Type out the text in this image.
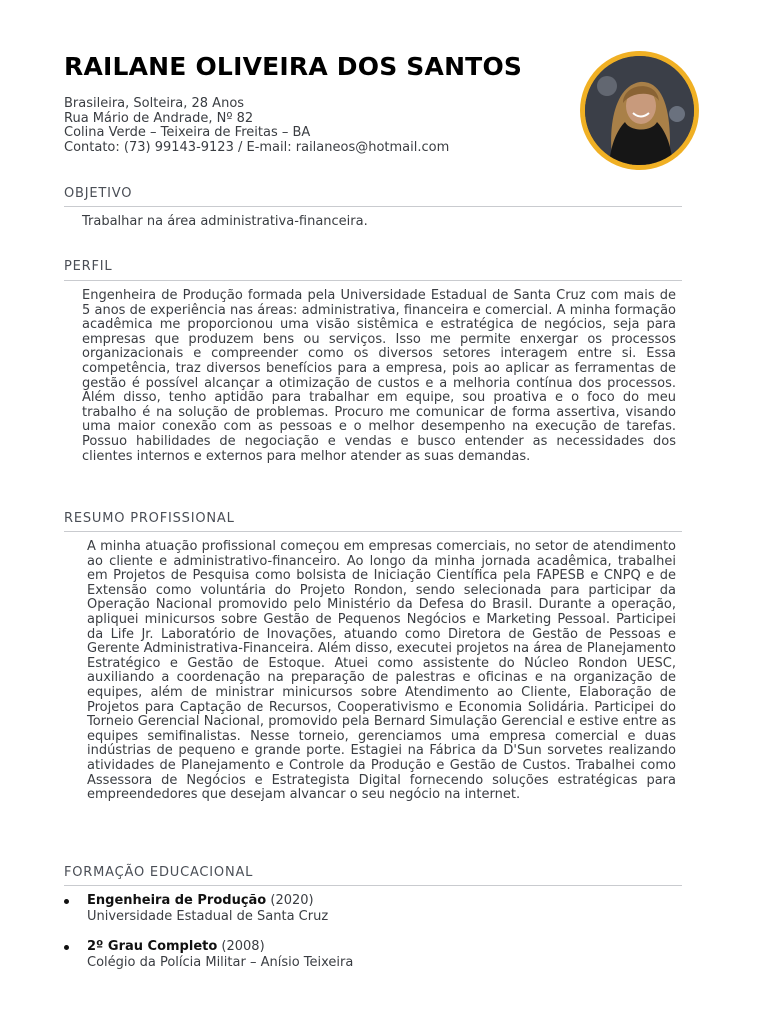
RAILANE OLIVEIRA DOS SANTOS
Brasileira, Solteira, 28 Anos
Rua Mário de Andrade, Nº 82
Colina Verde – Teixeira de Freitas – BA
Contato: (73) 99143-9123 / E-mail: railaneos@hotmail.com
OBJETIVO

Trabalhar na área administrativa-financeira.

PERFIL

Engenheira de Produção formada pela Universidade Estadual de Santa Cruz com mais de 5 anos de experiência nas áreas: administrativa, financeira e comercial. A minha formação acadêmica me proporcionou uma visão sistêmica e estratégica de negócios, seja para empresas que produzem bens ou serviços. Isso me permite enxergar os processos organizacionais e compreender como os diversos setores interagem entre si. Essa competência, traz diversos benefícios para a empresa, pois ao aplicar as ferramentas de gestão é possível alcançar a otimização de custos e a melhoria contínua dos processos. Além disso, tenho aptidão para trabalhar em equipe, sou proativa e o foco do meu trabalho é na solução de problemas. Procuro me comunicar de forma assertiva, visando uma maior conexão com as pessoas e o melhor desempenho na execução de tarefas. Possuo habilidades de negociação e vendas e busco entender as necessidades dos clientes internos e externos para melhor atender as suas demandas.

RESUMO PROFISSIONAL

A minha atuação profissional começou em empresas comerciais, no setor de atendimento ao cliente e administrativo-financeiro. Ao longo da minha jornada acadêmica, trabalhei em Projetos de Pesquisa como bolsista de Iniciação Científica pela FAPESB e CNPQ e de Extensão como voluntária do Projeto Rondon, sendo selecionada para participar da Operação Nacional promovido pelo Ministério da Defesa do Brasil. Durante a operação, apliquei minicursos sobre Gestão de Pequenos Negócios e Marketing Pessoal. Participei da Life Jr. Laboratório de Inovações, atuando como Diretora de Gestão de Pessoas e Gerente Administrativa-Financeira. Além disso, executei projetos na área de Planejamento Estratégico e Gestão de Estoque. Atuei como assistente do Núcleo Rondon UESC, auxiliando a coordenação na preparação de palestras e oficinas e na organização de equipes, além de ministrar minicursos sobre Atendimento ao Cliente, Elaboração de Projetos para Captação de Recursos, Cooperativismo e Economia Solidária. Participei do Torneio Gerencial Nacional, promovido pela Bernard Simulação Gerencial e estive entre as equipes semifinalistas. Nesse torneio, gerenciamos uma empresa comercial e duas indústrias de pequeno e grande porte. Estagiei na Fábrica da D'Sun sorvetes realizando atividades de Planejamento e Controle da Produção e Gestão de Custos. Trabalhei como Assessora de Negócios e Estrategista Digital fornecendo soluções estratégicas para empreendedores que desejam alvancar o seu negócio na internet.

FORMAÇÃO EDUCACIONAL
Engenheira de Produção (2020)
Universidade Estadual de Santa Cruz
2º Grau Completo (2008)
Colégio da Polícia Militar – Anísio Teixeira
